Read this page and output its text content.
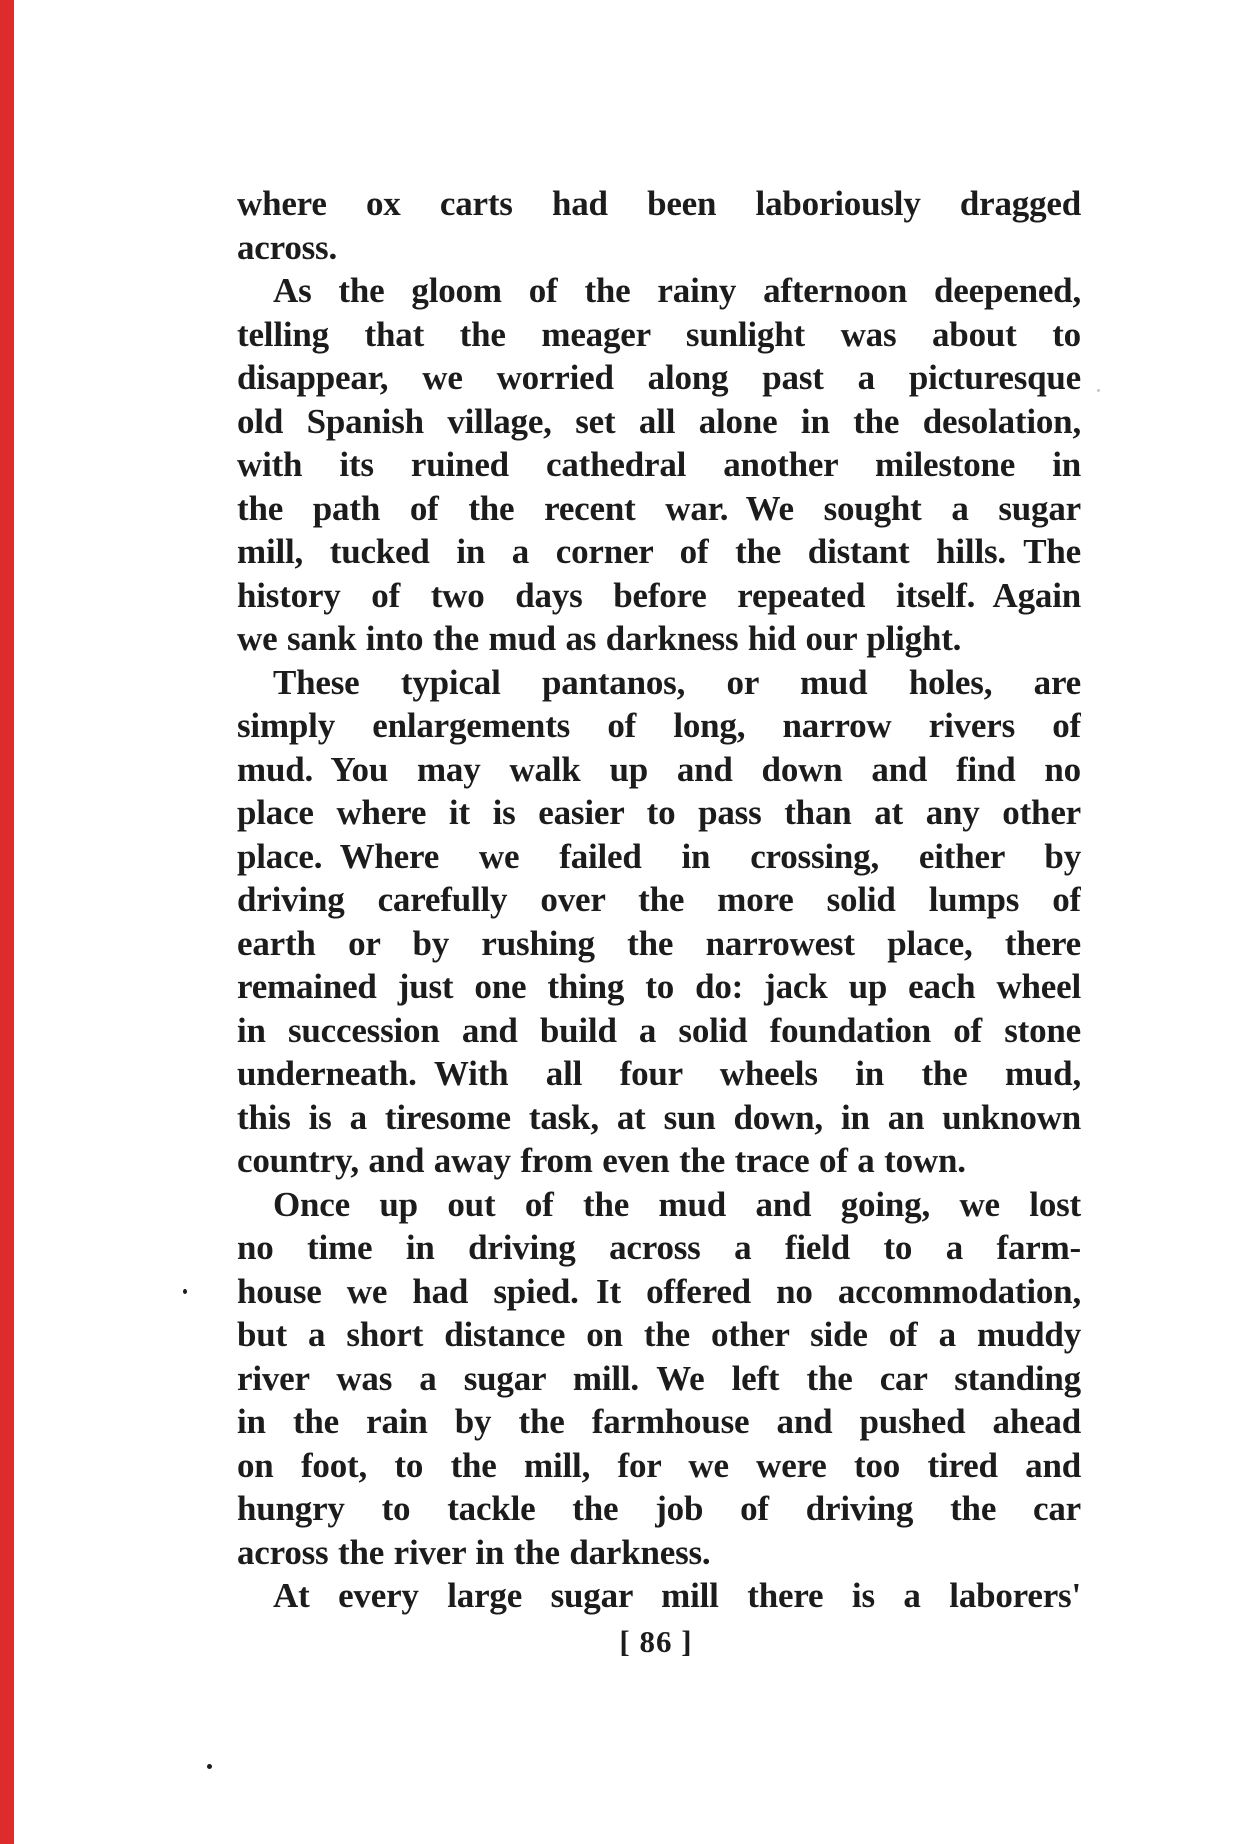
where ox carts had been laboriously dragged
across.
As the gloom of the rainy afternoon deepened,
telling that the meager sunlight was about to
disappear, we worried along past a picturesque
old Spanish village, set all alone in the desolation,
with its ruined cathedral another milestone in
the path of the recent war. We sought a sugar
mill, tucked in a corner of the distant hills. The
history of two days before repeated itself. Again
we sank into the mud as darkness hid our plight.
These typical pantanos, or mud holes, are
simply enlargements of long, narrow rivers of
mud. You may walk up and down and find no
place where it is easier to pass than at any other
place. Where we failed in crossing, either by
driving carefully over the more solid lumps of
earth or by rushing the narrowest place, there
remained just one thing to do: jack up each wheel
in succession and build a solid foundation of stone
underneath. With all four wheels in the mud,
this is a tiresome task, at sun down, in an unknown
country, and away from even the trace of a town.
Once up out of the mud and going, we lost
no time in driving across a field to a farm-
house we had spied. It offered no accommodation,
but a short distance on the other side of a muddy
river was a sugar mill. We left the car standing
in the rain by the farmhouse and pushed ahead
on foot, to the mill, for we were too tired and
hungry to tackle the job of driving the car
across the river in the darkness.
At every large sugar mill there is a laborers'
[ 86 ]
